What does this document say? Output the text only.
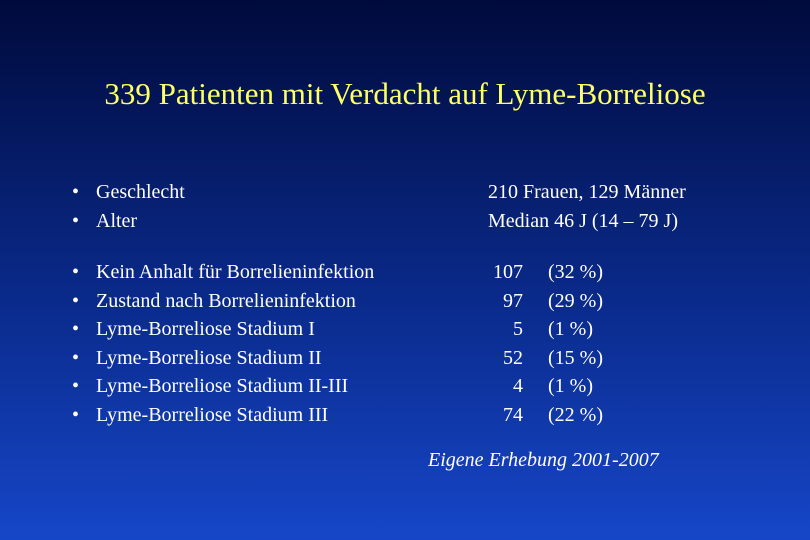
339 Patienten mit Verdacht auf Lyme-Borreliose
• Geschlecht
• Alter
210 Frauen, 129 Männer
Median 46 J (14 – 79 J)
• Kein Anhalt für Borrelieninfektion
• Zustand nach Borrelieninfektion
• Lyme-Borreliose Stadium I
• Lyme-Borreliose Stadium II
• Lyme-Borreliose Stadium II-III
• Lyme-Borreliose Stadium III
107 (32 %)
97 (29 %)
5 (1 %)
52 (15 %)
4 (1 %)
74 (22 %)
Eigene Erhebung 2001-2007
